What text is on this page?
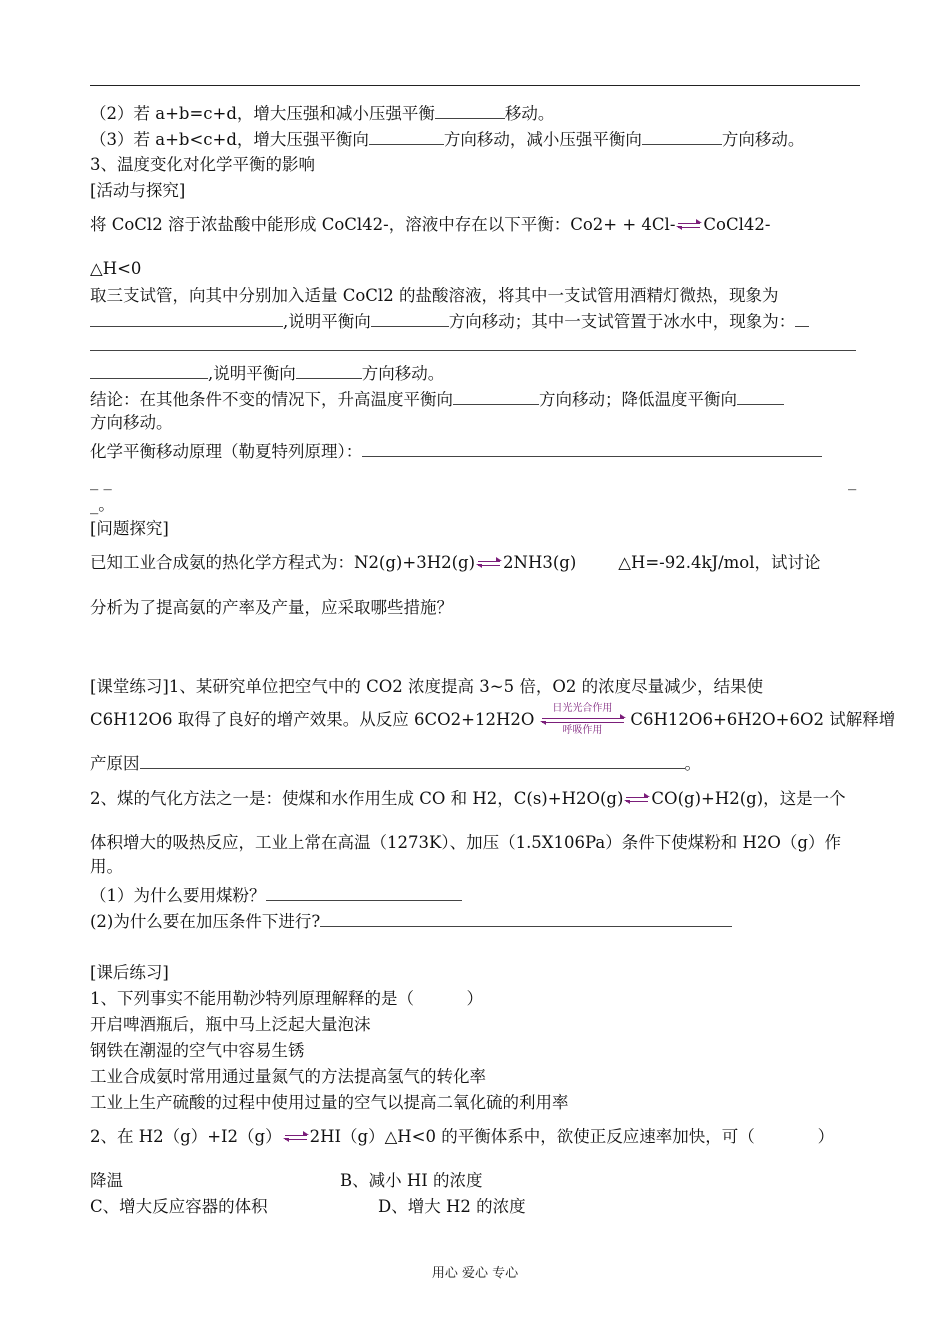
（2）若 a+b=c+d，增大压强和减小压强平衡	移动。
（3）若 a+b<c+d，增大压强平衡向	方向移动，减小压强平衡向	方向移动。
3、温度变化对化学平衡的影响
[活动与探究]
将 CoCl2 溶于浓盐酸中能形成 CoCl42-，溶液中存在以下平衡：Co2+ + 4Cl-⇌CoCl42-
△H<0
取三支试管，向其中分别加入适量 CoCl2 的盐酸溶液，将其中一支试管用酒精灯微热，现象为
,说明平衡向	方向移动；其中一支试管置于冰水中，现象为：
,说明平衡向	方向移动。
结论：在其他条件不变的情况下，升高温度平衡向	方向移动；降低温度平衡向
方向移动。
化学平衡移动原理（勒夏特列原理）：
_ _	_
_。
[问题探究]
已知工业合成氨的热化学方程式为：N2(g)+3H2(g)⇌2NH3(g)        △H=-92.4kJ/mol，试讨论
分析为了提高氨的产率及产量，应采取哪些措施？
[课堂练习]1、某研究单位把空气中的 CO2 浓度提高 3~5 倍，O2 的浓度尽量减少，结果使
C6H12O6 取得了良好的增产效果。从反应 6CO2+12H2O
日光光合作用
呼吸作用
C6H12O6+6H2O+6O2 试解释增
产原因	。
2、煤的气化方法之一是：使煤和水作用生成 CO 和 H2，C(s)+H2O(g)⇌CO(g)+H2(g)，这是一个
体积增大的吸热反应，工业上常在高温（1273K）、加压（1.5X106Pa）条件下使煤粉和 H2O（g）作
用。
（1）为什么要用煤粉？
(2)为什么要在加压条件下进行?
[课后练习]
1、下列事实不能用勒沙特列原理解释的是（          ）
开启啤酒瓶后，瓶中马上泛起大量泡沫
钢铁在潮湿的空气中容易生锈
工业合成氨时常用通过量氮气的方法提高氢气的转化率
工业上生产硫酸的过程中使用过量的空气以提高二氧化硫的利用率
2、在 H2（g）+I2（g）⇌2HI（g）△H<0 的平衡体系中，欲使正反应速率加快，可（            ）
降温	B、减小 HI 的浓度
C、增大反应容器的体积	D、增大 H2 的浓度
用心 爱心 专心
